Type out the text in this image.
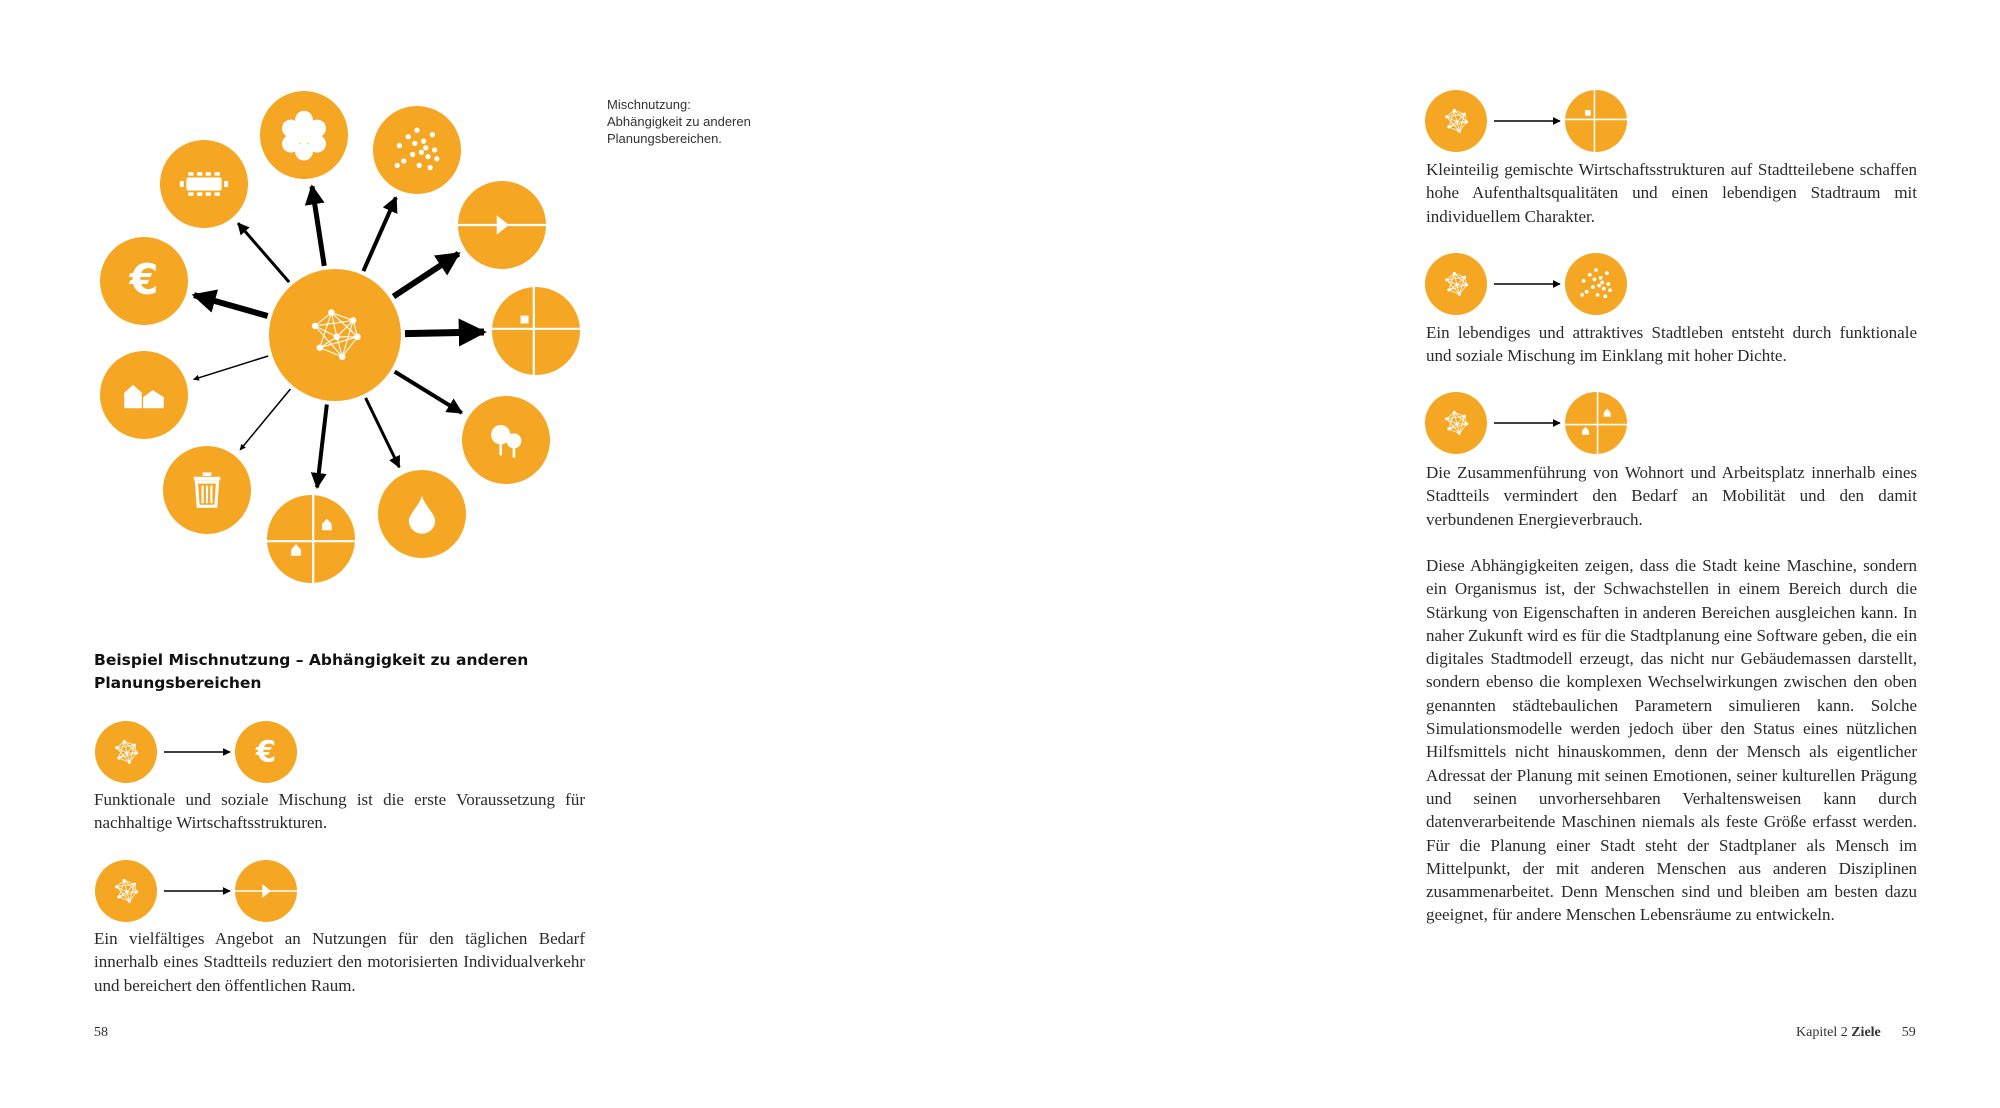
€
Mischnutzung:
Abhängigkeit zu anderen
Planungsbereichen.
Beispiel Mischnutzung – Abhängigkeit zu anderen
Planungsbereichen
€
Funktionale und soziale Mischung ist die erste Voraussetzung für nachhaltige Wirtschaftsstrukturen.
Ein vielfältiges Angebot an Nutzungen für den täglichen Bedarf innerhalb eines Stadtteils reduziert den motorisierten Individualverkehr und bereichert den öffentlichen Raum.
58
Kleinteilig gemischte Wirtschaftsstrukturen auf Stadtteilebene schaffen hohe Aufenthaltsqualitäten und einen lebendigen Stadtraum mit individuellem Charakter.
Ein lebendiges und attraktives Stadtleben entsteht durch funktionale und soziale Mischung im Einklang mit hoher Dichte.
Die Zusammenführung von Wohnort und Arbeitsplatz innerhalb eines Stadtteils vermindert den Bedarf an Mobilität und den damit verbundenen Energieverbrauch.
Diese Abhängigkeiten zeigen, dass die Stadt keine Maschine, sondern ein Organismus ist, der Schwachstellen in einem Bereich durch die Stärkung von Eigenschaften in anderen Bereichen ausgleichen kann. In naher Zukunft wird es für die Stadtplanung eine Software geben, die ein digitales Stadtmodell erzeugt, das nicht nur Gebäudemassen darstellt, sondern ebenso die komplexen Wechselwirkungen zwischen den oben genannten städtebaulichen Parametern simulieren kann. Solche Simulationsmodelle werden jedoch über den Status eines nützlichen Hilfsmittels nicht hinauskommen, denn der Mensch als eigentlicher Adressat der Planung mit seinen Emotionen, seiner kulturellen Prägung und seinen unvorhersehbaren Verhaltensweisen kann durch datenverarbeitende Maschinen niemals als feste Größe erfasst werden. Für die Planung einer Stadt steht der Stadtplaner als Mensch im Mittelpunkt, der mit anderen Menschen aus anderen Disziplinen zusammenarbeitet. Denn Menschen sind und bleiben am besten dazu geeignet, für andere Menschen Lebensräume zu entwickeln.
Kapitel 2 Ziele 59
